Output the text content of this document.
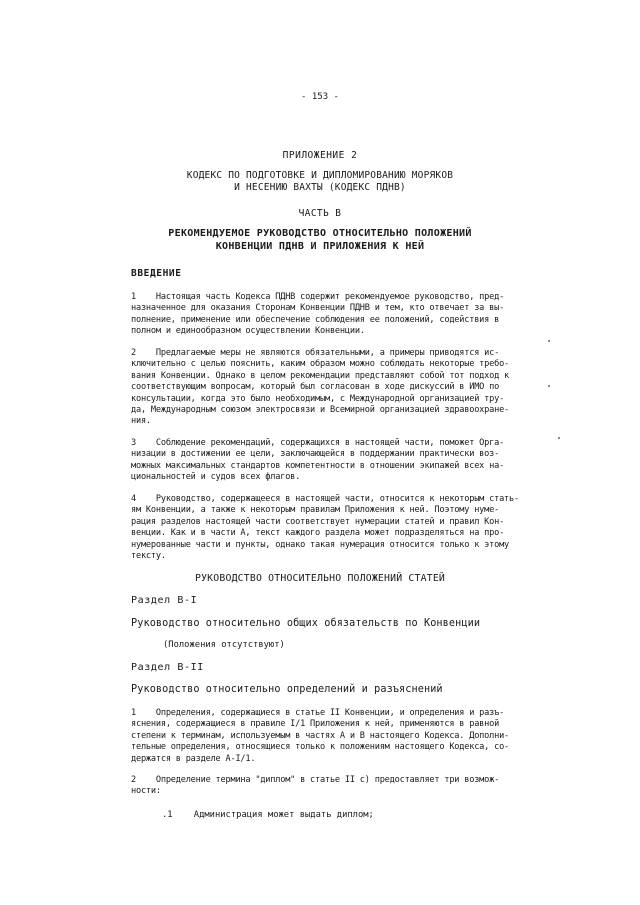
- 153 -
ПРИЛОЖЕНИЕ 2
КОДЕКС ПО ПОДГОТОВКЕ И ДИПЛОМИРОВАНИЮ МОРЯКОВ
И НЕСЕНИЮ ВАХТЫ (КОДЕКС ПДНВ)
ЧАСТЬ В
РЕКОМЕНДУЕМОЕ РУКОВОДСТВО ОТНОСИТЕЛЬНО ПОЛОЖЕНИЙ
КОНВЕНЦИИ ПДНВ И ПРИЛОЖЕНИЯ К НЕЙ
ВВЕДЕНИЕ
1    Настоящая часть Кодекса ПДНВ содержит рекомендуемое руководство, пред-
назначенное для оказания Сторонам Конвенции ПДНВ и тем, кто отвечает за вы-
полнение, применение или обеспечение соблюдения ее положений, содействия в
полном и единообразном осуществлении Конвенции.
2    Предлагаемые меры не являются обязательными, а примеры приводятся ис-
ключительно с целью пояснить, каким образом можно соблюдать некоторые требо-
вания Конвенции. Однако в целом рекомендации представляют собой тот подход к
соответствующим вопросам, который был согласован в ходе дискуссий в ИМО по
консультации, когда это было необходимым, с Международной организацией тру-
да, Международным союзом электросвязи и Всемирной организацией здравоохране-
ния.
3    Соблюдение рекомендаций, содержащихся в настоящей части, поможет Орга-
низации в достижении ее цели, заключающейся в поддержании практически воз-
можных максимальных стандартов компетентности в отношении экипажей всех на-
циональностей и судов всех флагов.
4    Руководство, содержащееся в настоящей части, относится к некоторым стать-
ям Конвенции, а также к некоторым правилам Приложения к ней. Поэтому нуме-
рация разделов настоящей части соответствует нумерации статей и правил Кон-
венции. Как и в части А, текст каждого раздела может подразделяться на про-
нумерованные части и пункты, однако такая нумерация относится только к этому
тексту.
РУКОВОДСТВО ОТНОСИТЕЛЬНО ПОЛОЖЕНИЙ СТАТЕЙ
Раздел В-I
Руководство относительно общих обязательств по Конвенции
(Положения отсутствуют)
Раздел В-II
Руководство относительно определений и разъяснений
1    Определения, содержащиеся в статье II Конвенции, и определения и разъ-
яснения, содержащиеся в правиле I/1 Приложения к ней, применяются в равной
степени к терминам, используемым в частях А и В настоящего Кодекса. Дополни-
тельные определения, относящиеся только к положениям настоящего Кодекса, со-
держатся в разделе А-I/1.
2    Определение термина "диплом" в статье II с) предоставляет три возмож-
ности:
.1    Администрация может выдать диплом;
